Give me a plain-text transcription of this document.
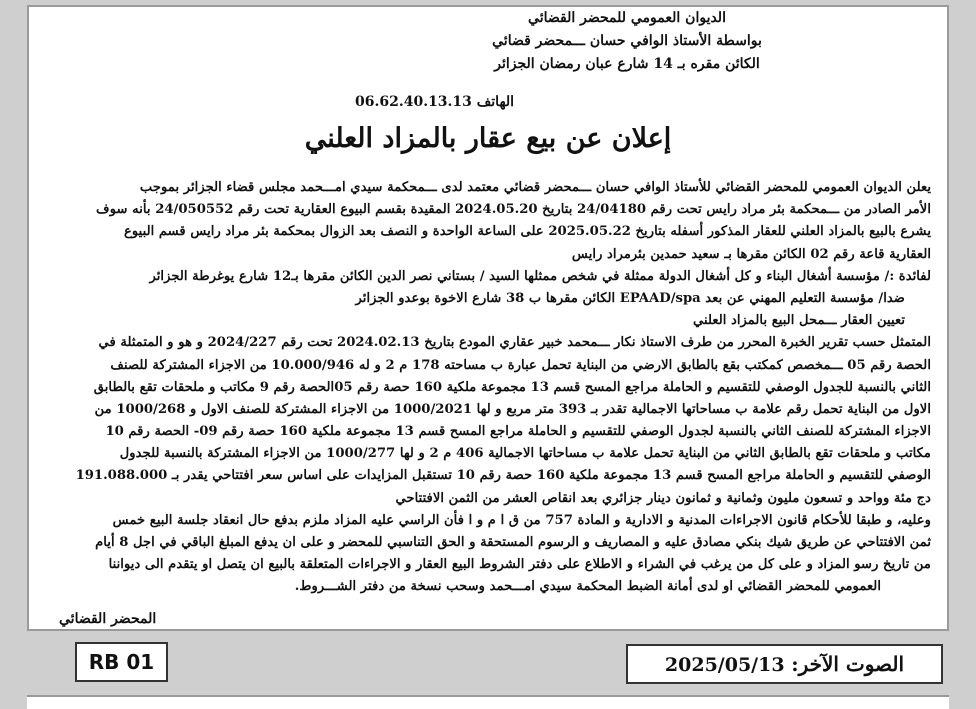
الديوان العمومي للمحضر القضائي
بواسطة الأستاذ الوافي حسان ـــمحضر قضائي
الكائن مقره بـ 14 شارع عبان رمضان الجزائر
الهاتف 06.62.40.13.13
إعلان عن بيع عقار بالمزاد العلني
يعلن الديوان العمومي للمحضر القضائي للأستاذ الوافي حسان ـــمحضر قضائي معتمد لدى ـــمحكمة سيدي امـــحمد مجلس قضاء الجزائر بموجب
الأمر الصادر من ـــمحكمة بئر مراد رايس تحت رقم 24/04180 بتاريخ 2024.05.20 المقيدة بقسم البيوع العقارية تحت رقم 24/050552 بأنه سوف
يشرع بالبيع بالمزاد العلني للعقار المذكور أسفله بتاريخ 2025.05.22 على الساعة الواحدة و النصف بعد الزوال بمحكمة بئر مراد رايس قسم البيوع
العقارية قاعة رقم 02 الكائن مقرها بـ سعيد حمدين بئرمراد رايس
لفائدة :/ مؤسسة أشغال البناء و كل أشغال الدولة ممثلة في شخص ممثلها السيد / بستاني نصر الدين الكائن مقرها بـ12 شارع يوغرطة الجزائر
ضدا/ مؤسسة التعليم المهني عن بعد EPAAD/spa الكائن مقرها ب 38 شارع الاخوة بوعدو الجزائر
تعيين العقار ـــمحل البيع بالمزاد العلني
المتمثل حسب تقرير الخبرة المحرر من طرف الاستاذ نكار ـــمحمد خبير عقاري المودع بتاريخ 2024.02.13 تحت رقم 2024/227 و هو و المتمثلة في
الحصة رقم 05 ـــمخصص كمكتب بقع بالطابق الارضي من البناية تحمل عبارة ب مساحته 178 م 2 و له 10.000/946 من الاجزاء المشتركة للصنف
الثاني بالنسبة للجدول الوصفي للتقسيم و الحاملة مراجع المسح قسم 13 مجموعة ملكية 160 حصة رقم 05الحصة رقم 9 مكاتب و ملحقات تقع بالطابق
الاول من البناية تحمل رقم علامة ب مساحاتها الاجمالية تقدر بـ 393 متر مربع و لها 1000/2021 من الاجزاء المشتركة للصنف الاول و 1000/268 من
الاجزاء المشتركة للصنف الثاني بالنسبة لجدول الوصفي للتقسيم و الحاملة مراجع المسح قسم 13 مجموعة ملكية 160 حصة رقم 09- الحصة رقم 10
مكاتب و ملحقات تقع بالطابق الثاني من البناية تحمل علامة ب مساحاتها الاجمالية 406 م 2 و لها 1000/277 من الاجزاء المشتركة بالنسبة للجدول
الوصفي للتقسيم و الحاملة مراجع المسح قسم 13 مجموعة ملكية 160 حصة رقم 10 تستقبل المزايدات على اساس سعر افتتاحي يقدر بـ 191.088.000
دج مئة وواحد و تسعون مليون وثمانية و ثمانون دينار جزائري بعد انقاص العشر من الثمن الافتتاحي
وعليه، و طبقا للأحكام قانون الاجراءات المدنية و الادارية و المادة 757 من ق ا م و ا فأن الراسي عليه المزاد ملزم بدفع حال انعقاد جلسة البيع خمس
ثمن الافتتاحي عن طريق شيك بنكي مصادق عليه و المصاريف و الرسوم المستحقة و الحق التناسبي للمحضر و على ان يدفع المبلغ الباقي في اجل 8 أيام
من تاريخ رسو المزاد و على كل من يرغب في الشراء و الاطلاع على دفتر الشروط البيع العقار و الاجراءات المتعلقة بالبيع ان يتصل او يتقدم الى ديواننا
العمومي للمحضر القضائي او لدى أمانة الضبط المحكمة سيدي امـــحمد وسحب نسخة من دفتر الشـــروط.
المحضر القضائي
RB 01	الصوت الآخر: 2025/05/13
